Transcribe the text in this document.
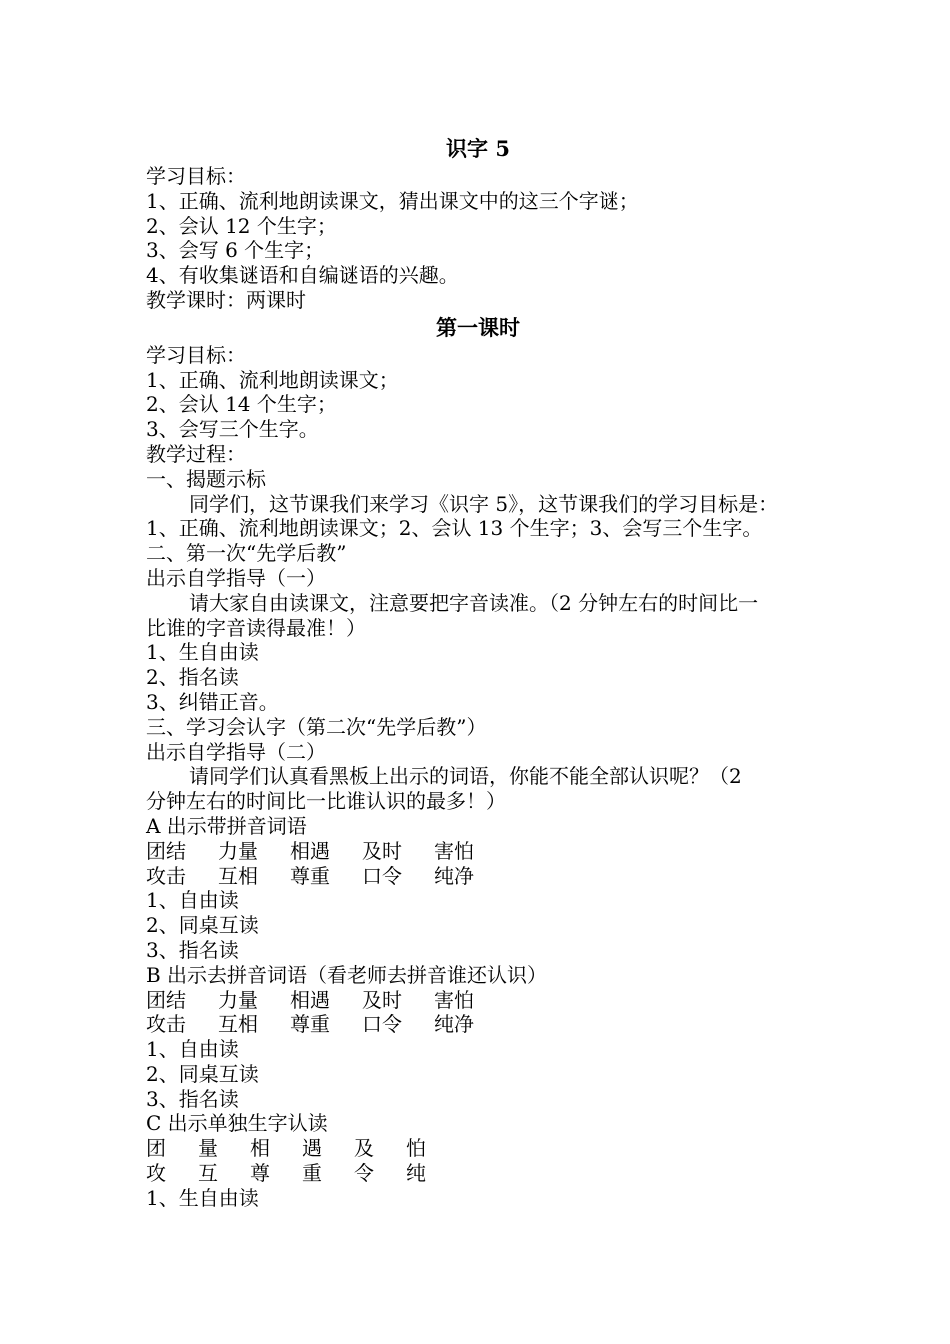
识字 5
学习目标：
1、正确、流利地朗读课文，猜出课文中的这三个字谜；
2、会认 12 个生字；
3、会写 6 个生字；
4、有收集谜语和自编谜语的兴趣。
教学课时：两课时
第一课时
学习目标：
1、正确、流利地朗读课文；
2、会认 14 个生字；
3、会写三个生字。
教学过程：
一、揭题示标
同学们，这节课我们来学习《识字 5》，这节课我们的学习目标是：
1、正确、流利地朗读课文；2、会认 13 个生字；3、会写三个生字。
二、第一次“先学后教”
出示自学指导（一）
请大家自由读课文，注意要把字音读准。（2 分钟左右的时间比一
比谁的字音读得最准！）
1、生自由读
2、指名读
3、纠错正音。
三、学习会认字（第二次“先学后教”）
出示自学指导（二）
请同学们认真看黑板上出示的词语，你能不能全部认识呢？（2
分钟左右的时间比一比谁认识的最多！）
A 出示带拼音词语
团结 力量 相遇 及时 害怕
攻击 互相 尊重 口令 纯净
1、自由读
2、同桌互读
3、指名读
B 出示去拼音词语（看老师去拼音谁还认识）
团结 力量 相遇 及时 害怕
攻击 互相 尊重 口令 纯净
1、自由读
2、同桌互读
3、指名读
C 出示单独生字认读
团 量 相 遇 及 怕
攻 互 尊 重 令 纯
1、生自由读
